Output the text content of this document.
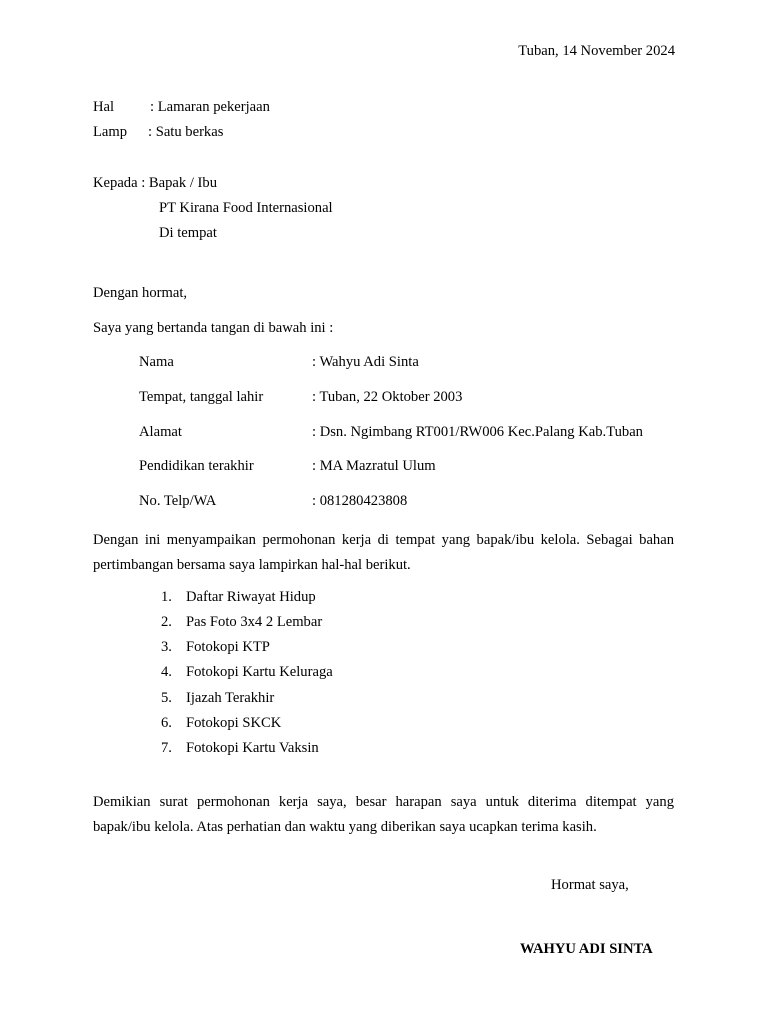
Tuban, 14 November 2024
Hal : Lamaran pekerjaan
Lamp : Satu berkas
Kepada : Bapak / Ibu
PT Kirana Food Internasional
Di tempat
Dengan hormat,
Saya yang bertanda tangan di bawah ini :
Nama	: Wahyu Adi Sinta
Tempat, tanggal lahir	: Tuban, 22 Oktober 2003
Alamat	: Dsn. Ngimbang RT001/RW006 Kec.Palang Kab.Tuban
Pendidikan terakhir	: MA Mazratul Ulum
No. Telp/WA	: 081280423808
Dengan ini menyampaikan permohonan kerja di tempat yang bapak/ibu kelola. Sebagai bahan pertimbangan bersama saya lampirkan hal-hal berikut.
1. Daftar Riwayat Hidup
2. Pas Foto 3x4 2 Lembar
3. Fotokopi KTP
4. Fotokopi Kartu Keluraga
5. Ijazah Terakhir
6. Fotokopi SKCK
7. Fotokopi Kartu Vaksin
Demikian surat permohonan kerja saya, besar harapan saya untuk diterima ditempat yang bapak/ibu kelola. Atas perhatian dan waktu yang diberikan saya ucapkan terima kasih.
Hormat saya,
WAHYU ADI SINTA
